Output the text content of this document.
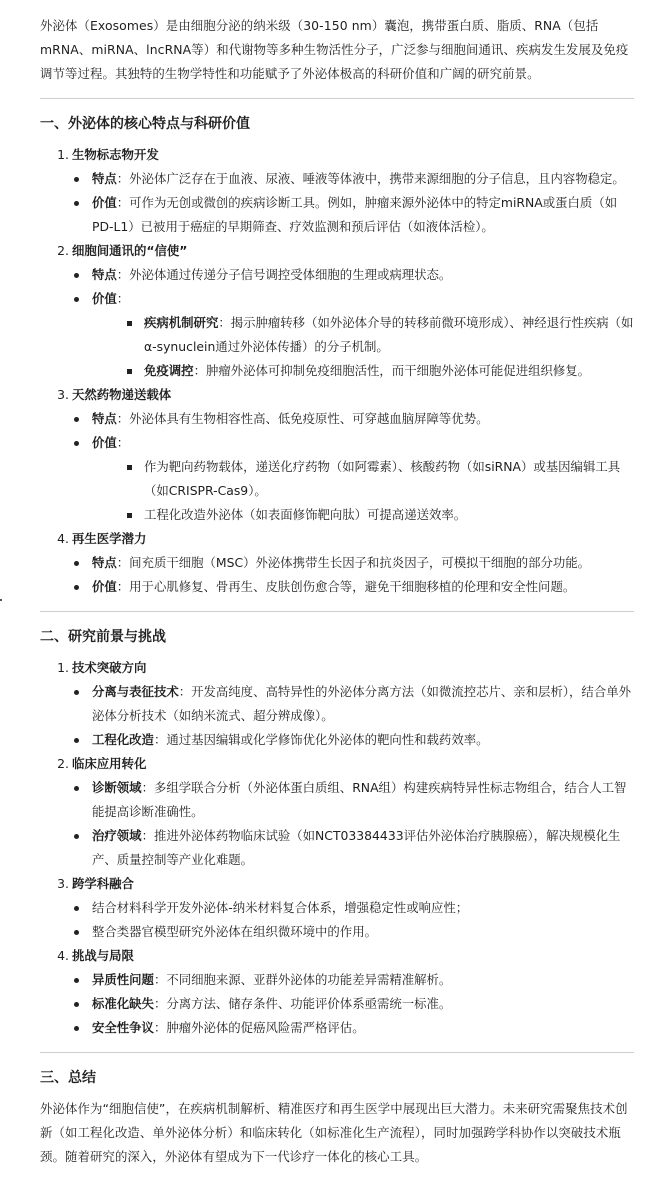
外泌体（Exosomes）是由细胞分泌的纳米级（30-150 nm）囊泡，携带蛋白质、脂质、RNA（包括mRNA、miRNA、lncRNA等）和代谢物等多种生物活性分子，广泛参与细胞间通讯、疾病发生发展及免疫调节等过程。其独特的生物学特性和功能赋予了外泌体极高的科研价值和广阔的研究前景。

一、外泌体的核心特点与科研价值
1. 生物标志物开发
特点：外泌体广泛存在于血液、尿液、唾液等体液中，携带来源细胞的分子信息，且内容物稳定。
价值：可作为无创或微创的疾病诊断工具。例如，肿瘤来源外泌体中的特定miRNA或蛋白质（如PD-L1）已被用于癌症的早期筛查、疗效监测和预后评估（如液体活检）。
2. 细胞间通讯的“信使”
特点：外泌体通过传递分子信号调控受体细胞的生理或病理状态。
价值：
疾病机制研究：揭示肿瘤转移（如外泌体介导的转移前微环境形成）、神经退行性疾病（如α-synuclein通过外泌体传播）的分子机制。
免疫调控：肿瘤外泌体可抑制免疫细胞活性，而干细胞外泌体可能促进组织修复。
3. 天然药物递送载体
特点：外泌体具有生物相容性高、低免疫原性、可穿越血脑屏障等优势。
价值：
作为靶向药物载体，递送化疗药物（如阿霉素）、核酸药物（如siRNA）或基因编辑工具（如CRISPR-Cas9）。
工程化改造外泌体（如表面修饰靶向肽）可提高递送效率。
4. 再生医学潜力
特点：间充质干细胞（MSC）外泌体携带生长因子和抗炎因子，可模拟干细胞的部分功能。
价值：用于心肌修复、骨再生、皮肤创伤愈合等，避免干细胞移植的伦理和安全性问题。
二、研究前景与挑战
1. 技术突破方向
分离与表征技术：开发高纯度、高特异性的外泌体分离方法（如微流控芯片、亲和层析），结合单外泌体分析技术（如纳米流式、超分辨成像）。
工程化改造：通过基因编辑或化学修饰优化外泌体的靶向性和载药效率。
2. 临床应用转化
诊断领域：多组学联合分析（外泌体蛋白质组、RNA组）构建疾病特异性标志物组合，结合人工智能提高诊断准确性。
治疗领域：推进外泌体药物临床试验（如NCT03384433评估外泌体治疗胰腺癌），解决规模化生产、质量控制等产业化难题。
3. 跨学科融合
结合材料科学开发外泌体-纳米材料复合体系，增强稳定性或响应性；
整合类器官模型研究外泌体在组织微环境中的作用。
4. 挑战与局限
异质性问题：不同细胞来源、亚群外泌体的功能差异需精准解析。
标准化缺失：分离方法、储存条件、功能评价体系亟需统一标准。
安全性争议：肿瘤外泌体的促癌风险需严格评估。
三、总结

外泌体作为“细胞信使”，在疾病机制解析、精准医疗和再生医学中展现出巨大潜力。未来研究需聚焦技术创新（如工程化改造、单外泌体分析）和临床转化（如标准化生产流程），同时加强跨学科协作以突破技术瓶颈。随着研究的深入，外泌体有望成为下一代诊疗一体化的核心工具。
